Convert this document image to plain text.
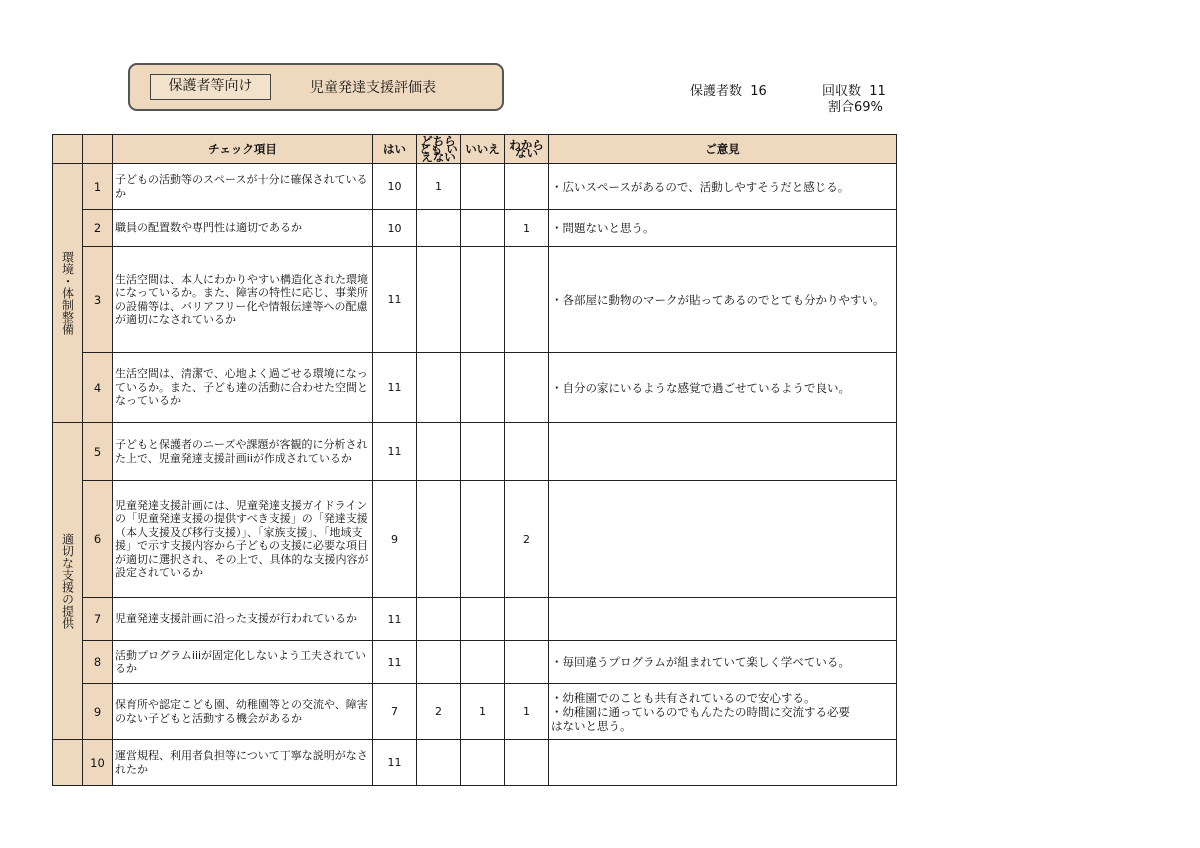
保護者等向け	児童発達支援評価表	保護者数 16	回収数 11
割合69%
		チェック項目	はい	どちらとも いえない	いいえ	わからない	ご意見
環境・体制整備	1	子どもの活動等のスペースが十分に確保されているか	10	1			・広いスペースがあるので、活動しやすそうだと感じる。
	2	職員の配置数や専門性は適切であるか	10			1	・問題ないと思う。
	3	生活空間は、本人にわかりやすい構造化された環境になっているか。また、障害の特性に応じ、事業所の設備等は、バリアフリー化や情報伝達等への配慮が適切になされているか	11				・各部屋に動物のマークが貼ってあるのでとても分かりやすい。
	4	生活空間は、清潔で、心地よく過ごせる環境になっているか。また、子ども達の活動に合わせた空間となっているか	11				・自分の家にいるような感覚で過ごせているようで良い。
適切な支援の提供	5	子どもと保護者のニーズや課題が客観的に分析された上で、児童発達支援計画iiが作成されているか	11				
	6	児童発達支援計画には、児童発達支援ガイドラインの「児童発達支援の提供すべき支援」の「発達支援（本人支援及び移行支援）」、「家族支援」、「地域支援」で示す支援内容から子どもの支援に必要な項目が適切に選択され、その上で、具体的な支援内容が設定されているか	9			2	
	7	児童発達支援計画に沿った支援が行われているか	11				
	8	活動プログラムiiiが固定化しないよう工夫されているか	11				・毎回違うプログラムが組まれていて楽しく学べている。
	9	保育所や認定こども園、幼稚園等との交流や、障害のない子どもと活動する機会があるか	7	2	1	1	・幼稚園でのことも共有されているので安心する。
・幼稚園に通っているのでもんたたの時間に交流する必要
はないと思う。
	10	運営規程、利用者負担等について丁寧な説明がなされたか	11				
